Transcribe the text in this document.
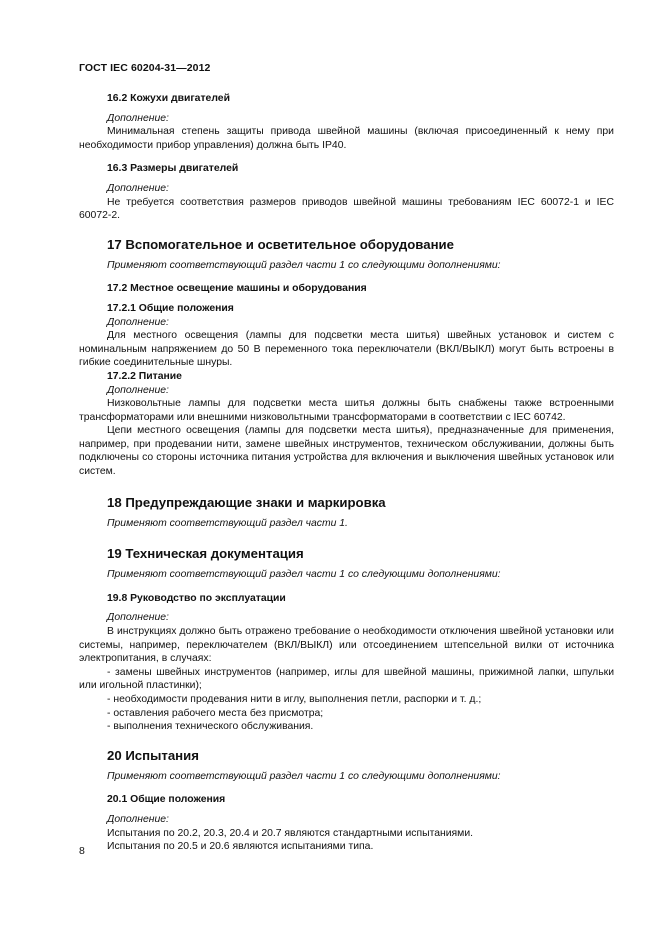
ГОСТ IEC 60204-31—2012

16.2 Кожухи двигателей

Дополнение:

Минимальная степень защиты привода швейной машины (включая присоединенный к нему при необходимости прибор управления) должна быть IP40.

16.3 Размеры двигателей

Дополнение:

Не требуется соответствия размеров приводов швейной машины требованиям IEC 60072-1 и IEC 60072-2.

17 Вспомогательное и осветительное оборудование

Применяют соответствующий раздел части 1 со следующими дополнениями:

17.2 Местное освещение машины и оборудования

17.2.1 Общие положения

Дополнение:

Для местного освещения (лампы для подсветки места шитья) швейных установок и систем с номинальным напряжением до 50 В переменного тока переключатели (ВКЛ/ВЫКЛ) могут быть встроены в гибкие соединительные шнуры.

17.2.2 Питание

Дополнение:

Низковольтные лампы для подсветки места шитья должны быть снабжены также встроенными трансформаторами или внешними низковольтными трансформаторами в соответствии с IEC 60742.

Цепи местного освещения (лампы для подсветки места шитья), предназначенные для применения, например, при продевании нити, замене швейных инструментов, техническом обслуживании, должны быть подключены со стороны источника питания устройства для включения и выключения швейных установок или систем.

18 Предупреждающие знаки и маркировка

Применяют соответствующий раздел части 1.

19 Техническая документация

Применяют соответствующий раздел части 1 со следующими дополнениями:

19.8 Руководство по эксплуатации

Дополнение:

В инструкциях должно быть отражено требование о необходимости отключения швейной установки или системы, например, переключателем (ВКЛ/ВЫКЛ) или отсоединением штепсельной вилки от источника электропитания, в случаях:

- замены швейных инструментов (например, иглы для швейной машины, прижимной лапки, шпульки или игольной пластинки);

- необходимости продевания нити в иглу, выполнения петли, распорки и т. д.;

- оставления рабочего места без присмотра;

- выполнения технического обслуживания.

20 Испытания

Применяют соответствующий раздел части 1 со следующими дополнениями:

20.1 Общие положения

Дополнение:

Испытания по 20.2, 20.3, 20.4 и 20.7 являются стандартными испытаниями.

Испытания по 20.5 и 20.6 являются испытаниями типа.

8
